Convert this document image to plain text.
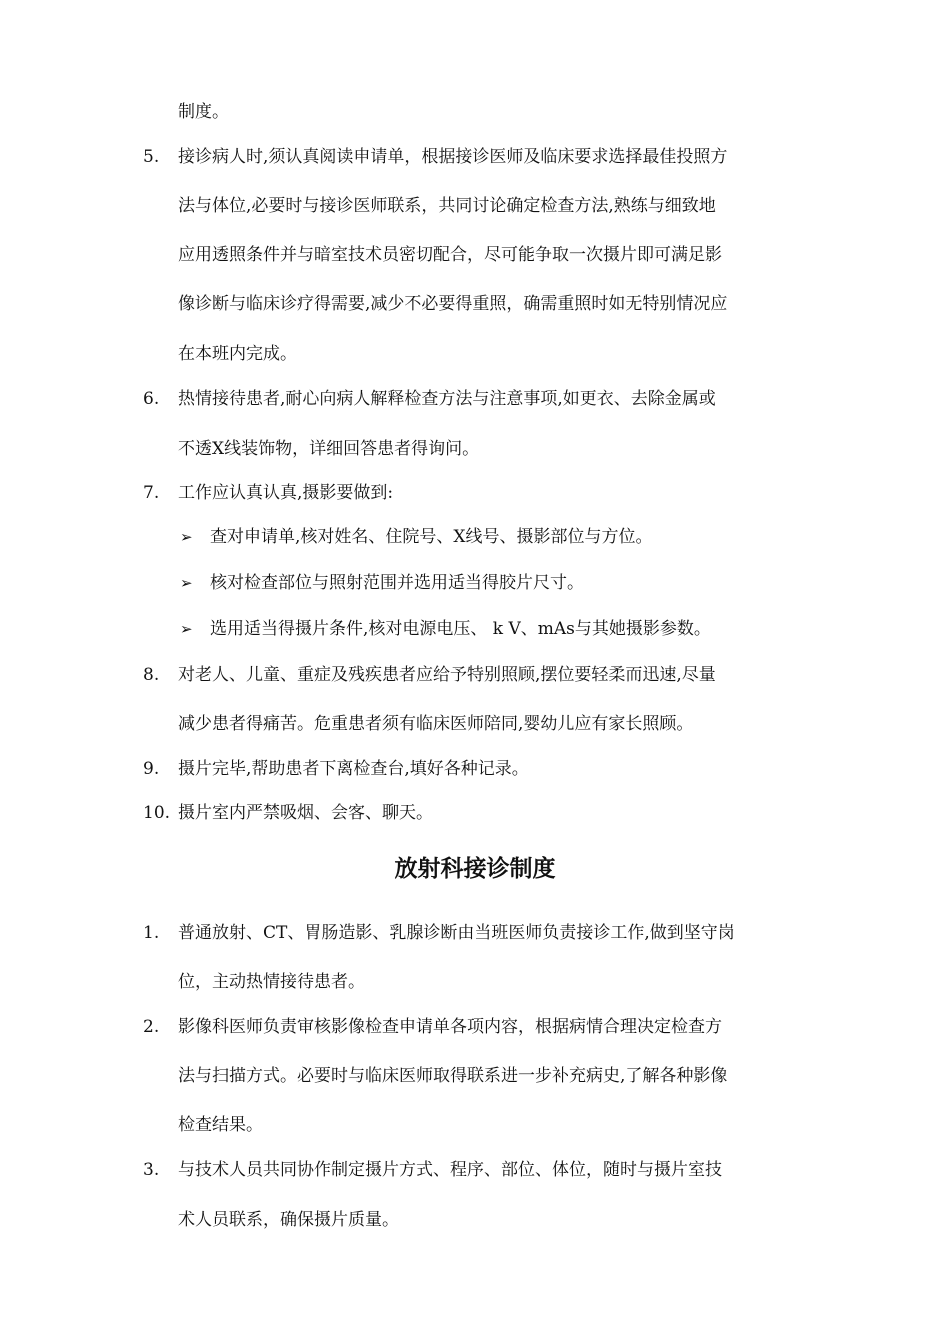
制度。
5. 接诊病人时,须认真阅读申请单，根据接诊医师及临床要求选择最佳投照方
法与体位,必要时与接诊医师联系，共同讨论确定检查方法,熟练与细致地
应用透照条件并与暗室技术员密切配合，尽可能争取一次摄片即可满足影
像诊断与临床诊疗得需要,减少不必要得重照，确需重照时如无特别情况应
在本班内完成。
6. 热情接待患者,耐心向病人解释检查方法与注意事项,如更衣、去除金属或
不透X线装饰物，详细回答患者得询问。
7. 工作应认真认真,摄影要做到:
➢ 查对申请单,核对姓名、住院号、X线号、摄影部位与方位。
➢ 核对检查部位与照射范围并选用适当得胶片尺寸。
➢ 选用适当得摄片条件,核对电源电压、 k V、mAs与其她摄影参数。
8. 对老人、儿童、重症及残疾患者应给予特别照顾,摆位要轻柔而迅速,尽量
减少患者得痛苦。危重患者须有临床医师陪同,婴幼儿应有家长照顾。
9. 摄片完毕,帮助患者下离检查台,填好各种记录。
10. 摄片室内严禁吸烟、会客、聊天。
放射科接诊制度
1. 普通放射、CT、胃肠造影、乳腺诊断由当班医师负责接诊工作,做到坚守岗
位，主动热情接待患者。
2. 影像科医师负责审核影像检查申请单各项内容，根据病情合理决定检查方
法与扫描方式。必要时与临床医师取得联系进一步补充病史,了解各种影像
检查结果。
3. 与技术人员共同协作制定摄片方式、程序、部位、体位，随时与摄片室技
术人员联系，确保摄片质量。
